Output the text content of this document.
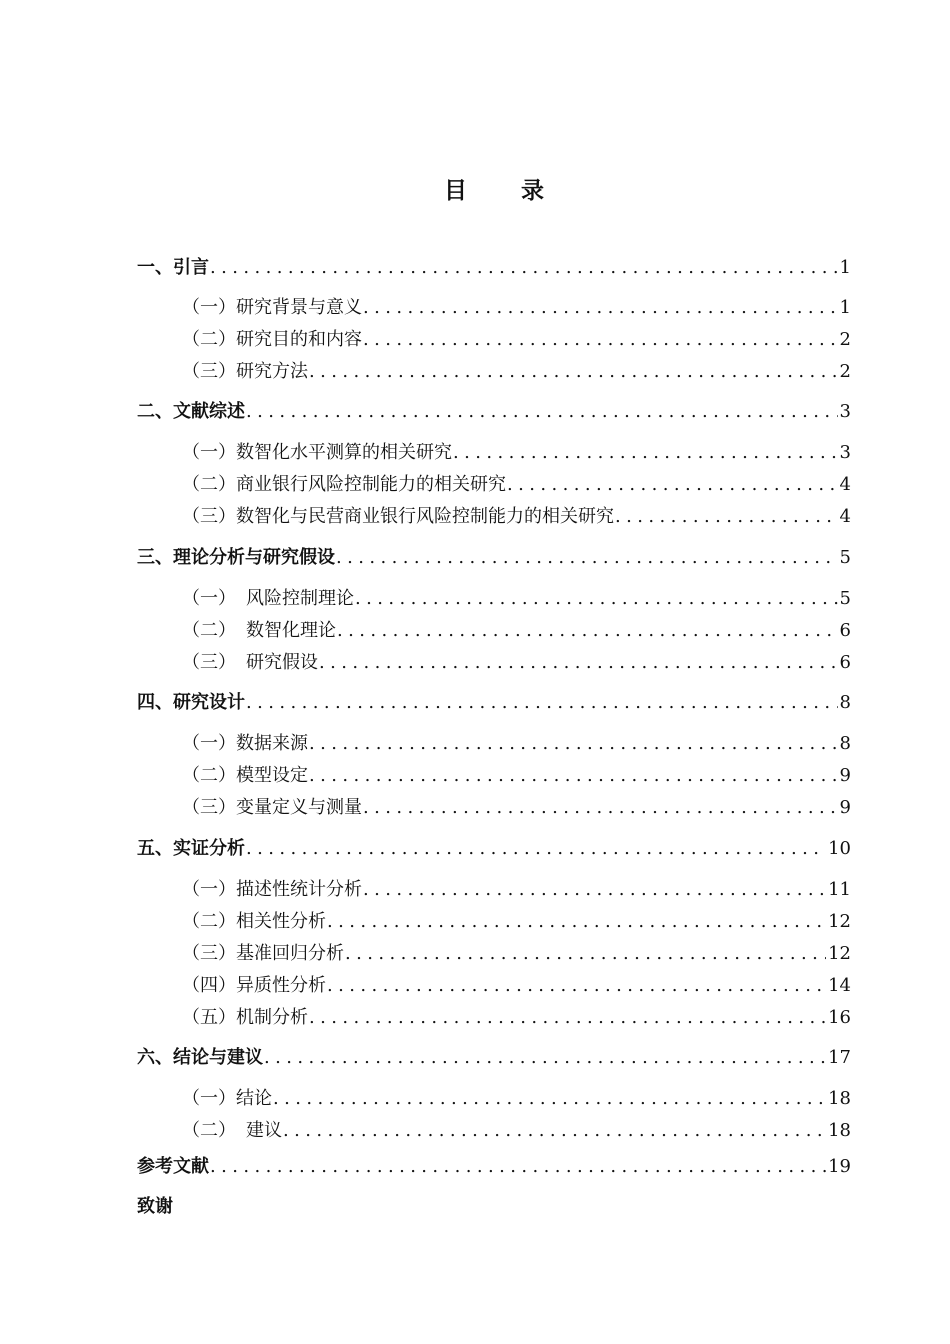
目 录
一、引言 .....	1
（一）研究背景与意义 .....	1
（二）研究目的和内容 .....	2
（三）研究方法 .....	2
二、文献综述 .....	3
（一）数智化水平测算的相关研究 .....	3
（二）商业银行风险控制能力的相关研究 .....	4
（三）数智化与民营商业银行风险控制能力的相关研究 .....	4
三、理论分析与研究假设 .....	5
（一） 风险控制理论 .....	5
（二） 数智化理论 .....	6
（三） 研究假设 .....	6
四、研究设计 .....	8
（一）数据来源 .....	8
（二）模型设定 .....	9
（三）变量定义与测量 .....	9
五、实证分析 .....	10
（一）描述性统计分析 .....	11
（二）相关性分析 .....	12
（三）基准回归分析 .....	12
（四）异质性分析 .....	14
（五）机制分析 .....	16
六、结论与建议 .....	17
（一）结论 .....	18
（二） 建议 .....	18
参考文献 .....	19
致谢
